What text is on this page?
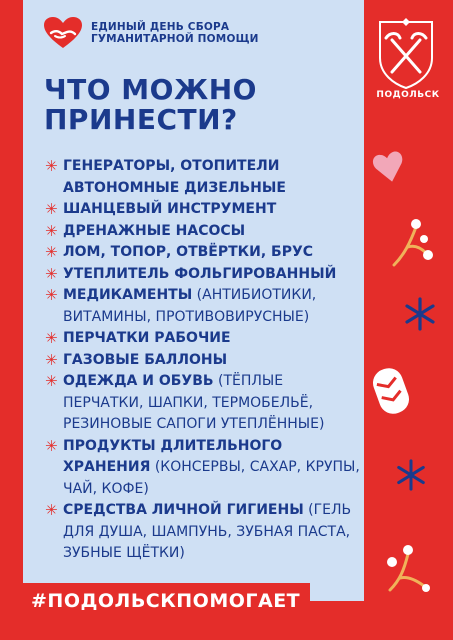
ЕДИНЫЙ ДЕНЬ СБОРА
ГУМАНИТАРНОЙ ПОМОЩИ
ЧТО МОЖНО
ПРИНЕСТИ?
✳ ГЕНЕРАТОРЫ, ОТОПИТЕЛИ
АВТОНОМНЫЕ ДИЗЕЛЬНЫЕ
✳ ШАНЦЕВЫЙ ИНСТРУМЕНТ
✳ ДРЕНАЖНЫЕ НАСОСЫ
✳ ЛОМ, ТОПОР, ОТВЁРТКИ, БРУС
✳ УТЕПЛИТЕЛЬ ФОЛЬГИРОВАННЫЙ
✳ МЕДИКАМЕНТЫ (АНТИБИОТИКИ, ВИТАМИНЫ, ПРОТИВОВИРУСНЫЕ)
✳ ПЕРЧАТКИ РАБОЧИЕ
✳ ГАЗОВЫЕ БАЛЛОНЫ
✳ ОДЕЖДА И ОБУВЬ (ТЁПЛЫЕ ПЕРЧАТКИ, ШАПКИ, ТЕРМОБЕЛЬЁ, РЕЗИНОВЫЕ САПОГИ УТЕПЛЁННЫЕ)
✳ ПРОДУКТЫ ДЛИТЕЛЬНОГО ХРАНЕНИЯ (КОНСЕРВЫ, САХАР, КРУПЫ, ЧАЙ, КОФЕ)
✳ СРЕДСТВА ЛИЧНОЙ ГИГИЕНЫ (ГЕЛЬ ДЛЯ ДУША, ШАМПУНЬ, ЗУБНАЯ ПАСТА, ЗУБНЫЕ ЩЁТКИ)
#ПОДОЛЬСКПОМОГАЕТ
ПОДОЛЬСК
